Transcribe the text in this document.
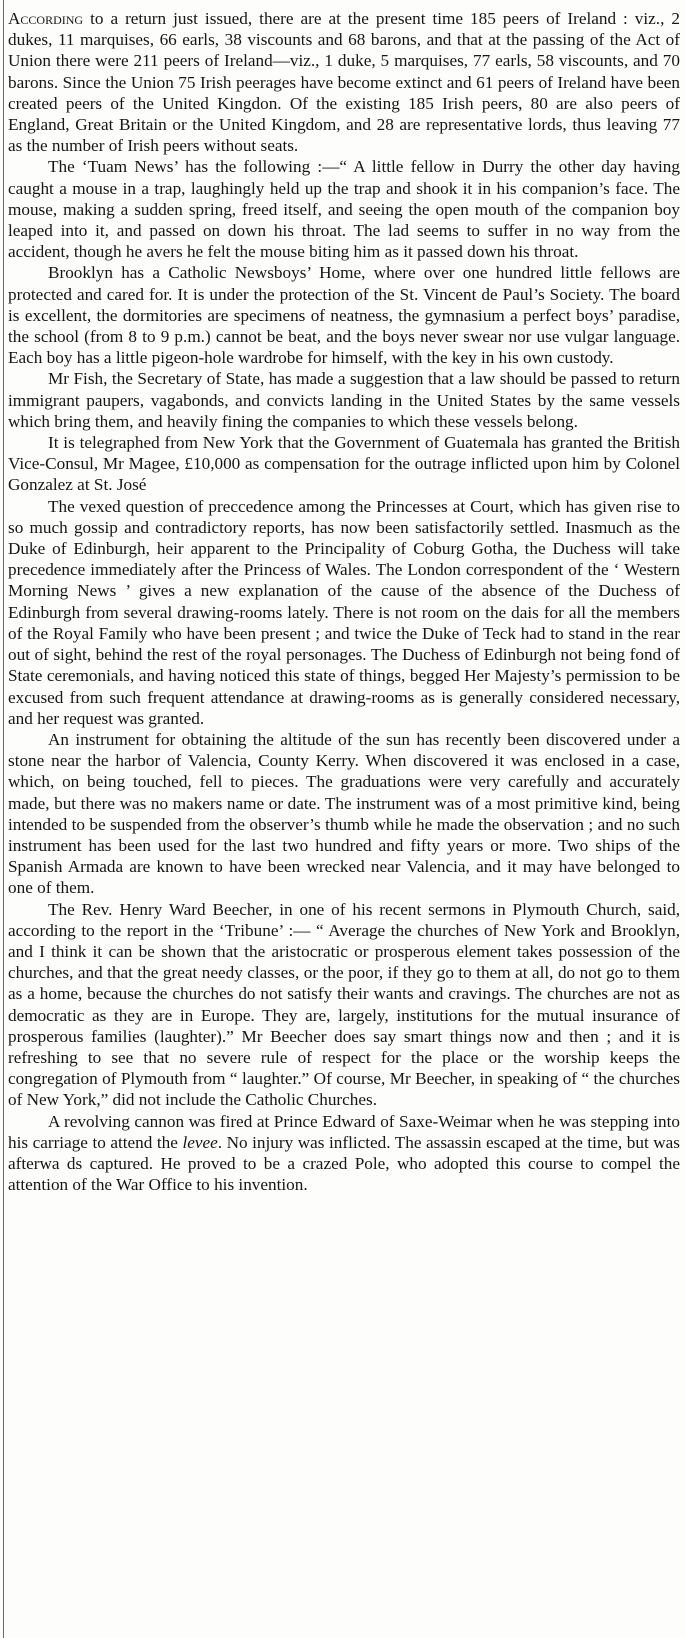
According to a return just issued, there are at the present time 185 peers of Ireland : viz., 2 dukes, 11 marquises, 66 earls, 38 viscounts and 68 barons, and that at the passing of the Act of Union there were 211 peers of Ireland—viz., 1 duke, 5 marquises, 77 earls, 58 viscounts, and 70 barons. Since the Union 75 Irish peerages have become extinct and 61 peers of Ireland have been created peers of the United Kingdon. Of the existing 185 Irish peers, 80 are also peers of England, Great Britain or the United Kingdom, and 28 are representative lords, thus leaving 77 as the number of Irish peers without seats.
The ‘Tuam News’ has the following :—“ A little fellow in Durry the other day having caught a mouse in a trap, laughingly held up the trap and shook it in his companion’s face. The mouse, making a sudden spring, freed itself, and seeing the open mouth of the companion boy leaped into it, and passed on down his throat. The lad seems to suffer in no way from the accident, though he avers he felt the mouse biting him as it passed down his throat.
Brooklyn has a Catholic Newsboys’ Home, where over one hundred little fellows are protected and cared for. It is under the protection of the St. Vincent de Paul’s Society. The board is excellent, the dormitories are specimens of neatness, the gymnasium a perfect boys’ paradise, the school (from 8 to 9 p.m.) cannot be beat, and the boys never swear nor use vulgar language. Each boy has a little pigeon-hole wardrobe for himself, with the key in his own custody.
Mr Fish, the Secretary of State, has made a suggestion that a law should be passed to return immigrant paupers, vagabonds, and convicts landing in the United States by the same vessels which bring them, and heavily fining the companies to which these vessels belong.
It is telegraphed from New York that the Government of Guatemala has granted the British Vice-Consul, Mr Magee, £10,000 as compensation for the outrage inflicted upon him by Colonel Gonzalez at St. José
The vexed question of preccedence among the Princesses at Court, which has given rise to so much gossip and contradictory reports, has now been satisfactorily settled. Inasmuch as the Duke of Edinburgh, heir apparent to the Principality of Coburg Gotha, the Duchess will take precedence immediately after the Princess of Wales. The London correspondent of the ‘ Western Morning News ’ gives a new explanation of the cause of the absence of the Duchess of Edinburgh from several drawing-rooms lately. There is not room on the dais for all the members of the Royal Family who have been present ; and twice the Duke of Teck had to stand in the rear out of sight, behind the rest of the royal personages. The Duchess of Edinburgh not being fond of State ceremonials, and having noticed this state of things, begged Her Majesty’s permission to be excused from such frequent attendance at drawing-rooms as is generally considered necessary, and her request was granted.
An instrument for obtaining the altitude of the sun has recently been discovered under a stone near the harbor of Valencia, County Kerry. When discovered it was enclosed in a case, which, on being touched, fell to pieces. The graduations were very carefully and accurately made, but there was no makers name or date. The instrument was of a most primitive kind, being intended to be suspended from the observer’s thumb while he made the observation ; and no such instrument has been used for the last two hundred and fifty years or more. Two ships of the Spanish Armada are known to have been wrecked near Valencia, and it may have belonged to one of them.
The Rev. Henry Ward Beecher, in one of his recent sermons in Plymouth Church, said, according to the report in the ‘Tribune’ :— “ Average the churches of New York and Brooklyn, and I think it can be shown that the aristocratic or prosperous element takes possession of the churches, and that the great needy classes, or the poor, if they go to them at all, do not go to them as a home, because the churches do not satisfy their wants and cravings. The churches are not as democratic as they are in Europe. They are, largely, institutions for the mutual insurance of prosperous families (laughter).” Mr Beecher does say smart things now and then ; and it is refreshing to see that no severe rule of respect for the place or the worship keeps the congregation of Plymouth from “ laughter.” Of course, Mr Beecher, in speaking of “ the churches of New York,” did not include the Catholic Churches.
A revolving cannon was fired at Prince Edward of Saxe-Weimar when he was stepping into his carriage to attend the levee. No injury was inflicted. The assassin escaped at the time, but was afterwa ds captured. He proved to be a crazed Pole, who adopted this course to compel the attention of the War Office to his invention.
